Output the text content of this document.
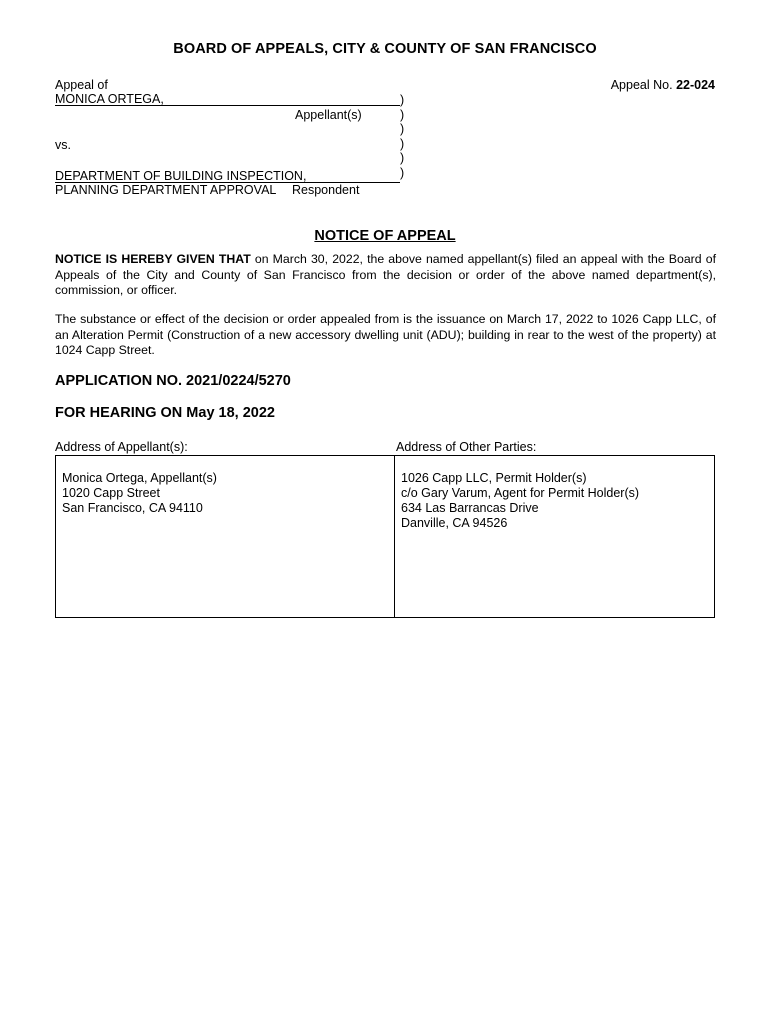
BOARD OF APPEALS, CITY & COUNTY OF SAN FRANCISCO
Appeal of
MONICA ORTEGA,
Appellant(s)
vs.
DEPARTMENT OF BUILDING INSPECTION,
PLANNING DEPARTMENT APPROVAL Respondent
)
)
)
)
)
)
Appeal No. 22-024
NOTICE OF APPEAL
NOTICE IS HEREBY GIVEN THAT on March 30, 2022, the above named appellant(s) filed an appeal with the Board of Appeals of the City and County of San Francisco from the decision or order of the above named department(s), commission, or officer.
The substance or effect of the decision or order appealed from is the issuance on March 17, 2022 to 1026 Capp LLC, of an Alteration Permit (Construction of a new accessory dwelling unit (ADU); building in rear to the west of the property) at 1024 Capp Street.
APPLICATION NO. 2021/0224/5270
FOR HEARING ON May 18, 2022
Address of Appellant(s):	Address of Other Parties:
Monica Ortega, Appellant(s)
1020 Capp Street
San Francisco, CA 94110
1026 Capp LLC, Permit Holder(s)
c/o Gary Varum, Agent for Permit Holder(s)
634 Las Barrancas Drive
Danville, CA 94526
